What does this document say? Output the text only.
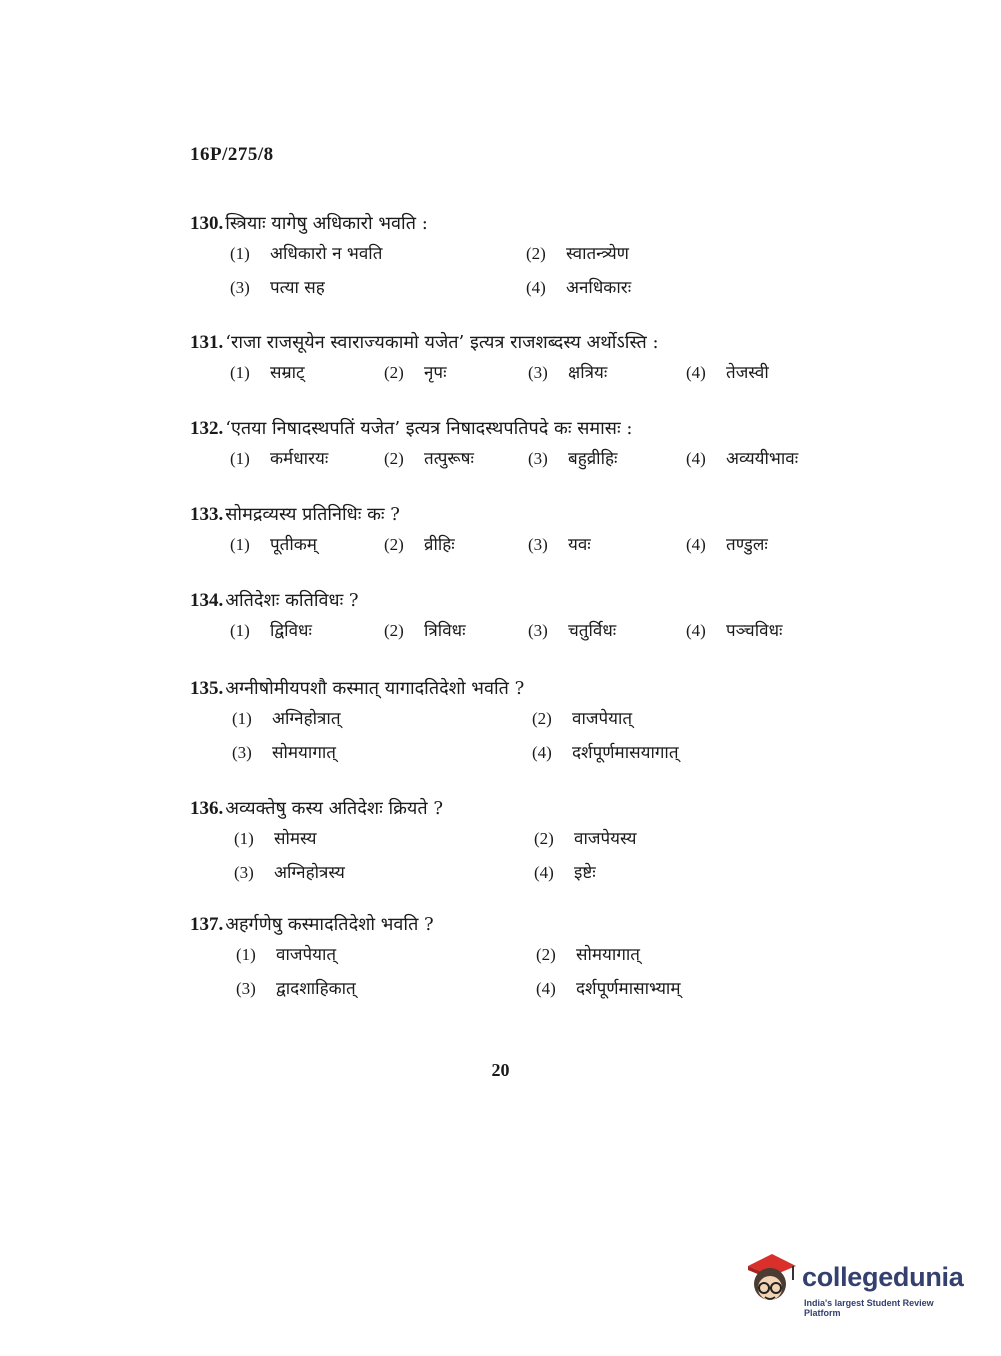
16P/275/8
130. स्त्रियाः यागेषु अधिकारो भवति :
(1) अधिकारो न भवति	(2) स्वातन्त्र्येण
(3) पत्या सह	(4) अनधिकारः
131. ‘राजा राजसूयेन स्वाराज्यकामो यजेत’ इत्यत्र राजशब्दस्य अर्थोऽस्ति :
(1) सम्राट्	(2) नृपः	(3) क्षत्रियः	(4) तेजस्वी
132. ‘एतया निषादस्थपतिं यजेत’ इत्यत्र निषादस्थपतिपदे कः समासः :
(1) कर्मधारयः	(2) तत्पुरूषः	(3) बहुव्रीहिः	(4) अव्ययीभावः
133. सोमद्रव्यस्य प्रतिनिधिः कः ?
(1) पूतीकम्	(2) व्रीहिः	(3) यवः	(4) तण्डुलः
134. अतिदेशः कतिविधः ?
(1) द्विविधः	(2) त्रिविधः	(3) चतुर्विधः	(4) पञ्चविधः
135. अग्नीषोमीयपशौ कस्मात् यागादतिदेशो भवति ?
(1) अग्निहोत्रात्	(2) वाजपेयात्
(3) सोमयागात्	(4) दर्शपूर्णमासयागात्
136. अव्यक्तेषु कस्य अतिदेशः क्रियते ?
(1) सोमस्य	(2) वाजपेयस्य
(3) अग्निहोत्रस्य	(4) इष्टेः
137. अहर्गणेषु कस्मादतिदेशो भवति ?
(1) वाजपेयात्	(2) सोमयागात्
(3) द्वादशाहिकात्	(4) दर्शपूर्णमासाभ्याम्
20
collegedunia
India's largest Student Review Platform
